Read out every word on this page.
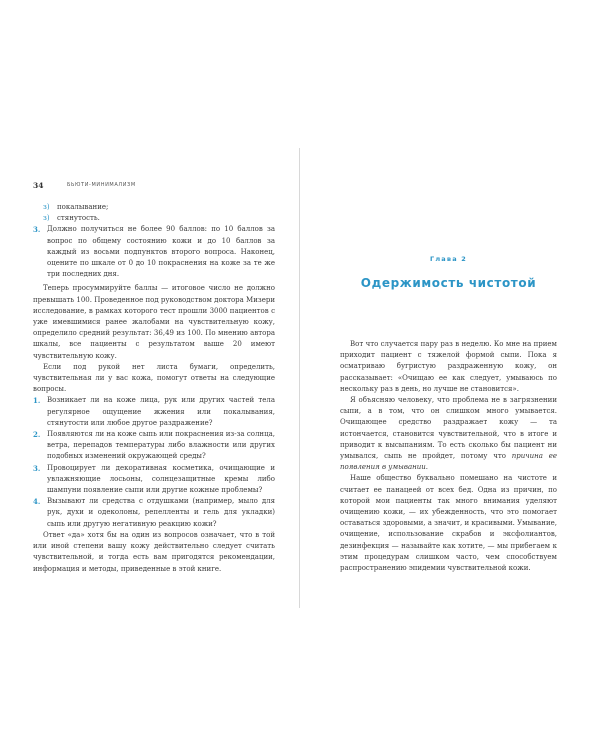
34	БЬЮТИ-МИНИМАЛИЗМ

з) покалывание;

з) стянутость.

3. Должно получиться не более 90 баллов: по 10 баллов за вопрос по общему состоянию кожи и до 10 баллов за каждый из восьми подпунктов второго вопроса. Наконец, оцените по шкале от 0 до 10 покраснения на коже за те же три последних дня.

Теперь просуммируйте баллы — итоговое число не должно превышать 100. Проведенное под руководством доктора Мизери исследование, в рамках которого тест прошли 3000 пациентов с уже имевшимися ранее жалобами на чувствительную кожу, определило средний результат: 36,49 из 100. По мнению автора шкалы, все пациенты с результатом выше 20 имеют чувствительную кожу.

Если под рукой нет листа бумаги, определить, чувствительная ли у вас кожа, помогут ответы на следующие вопросы.

1. Возникает ли на коже лица, рук или других частей тела регулярное ощущение жжения или покалывания, стянутости или любое другое раздражение?

2. Появляются ли на коже сыпь или покраснения из-за солнца, ветра, перепадов температуры либо влажности или других подобных изменений окружающей среды?

3. Провоцирует ли декоративная косметика, очищающие и увлажняющие лосьоны, солнцезащитные кремы либо шампуни появление сыпи или другие кожные проблемы?

4. Вызывают ли средства с отдушками (например, мыло для рук, духи и одеколоны, репелленты и гель для укладки) сыпь или другую негативную реакцию кожи?

Ответ «да» хотя бы на один из вопросов означает, что в той или иной степени вашу кожу действительно следует считать чувствительной, и тогда есть вам пригодятся рекомендации, информация и методы, приведенные в этой книге.

Глава 2
Одержимость чистотой

Вот что случается пару раз в неделю. Ко мне на прием приходит пациент с тяжелой формой сыпи. Пока я осматриваю бугристую раздраженную кожу, он рассказывает: «Очищаю ее как следует, умываюсь по нескольку раз в день, но лучше не становится».

Я объясняю человеку, что проблема не в загрязнении сыпи, а в том, что он слишком много умывается. Очищающее средство раздражает кожу — та истончается, становится чувствительной, что в итоге и приводит к высыпаниям. То есть сколько бы пациент ни умывался, сыпь не пройдет, потому что причина ее появления в умывании.

Наше общество буквально помешано на чистоте и считает ее панацеей от всех бед. Одна из причин, по которой мои пациенты так много внимания уделяют очищению кожи, — их убежденность, что это помогает оставаться здоровыми, а значит, и красивыми. Умывание, очищение, использование скрабов и эксфолиантов, дезинфекция — называйте как хотите, — мы прибегаем к этим процедурам слишком часто, чем способствуем распространению эпидемии чувствительной кожи.
